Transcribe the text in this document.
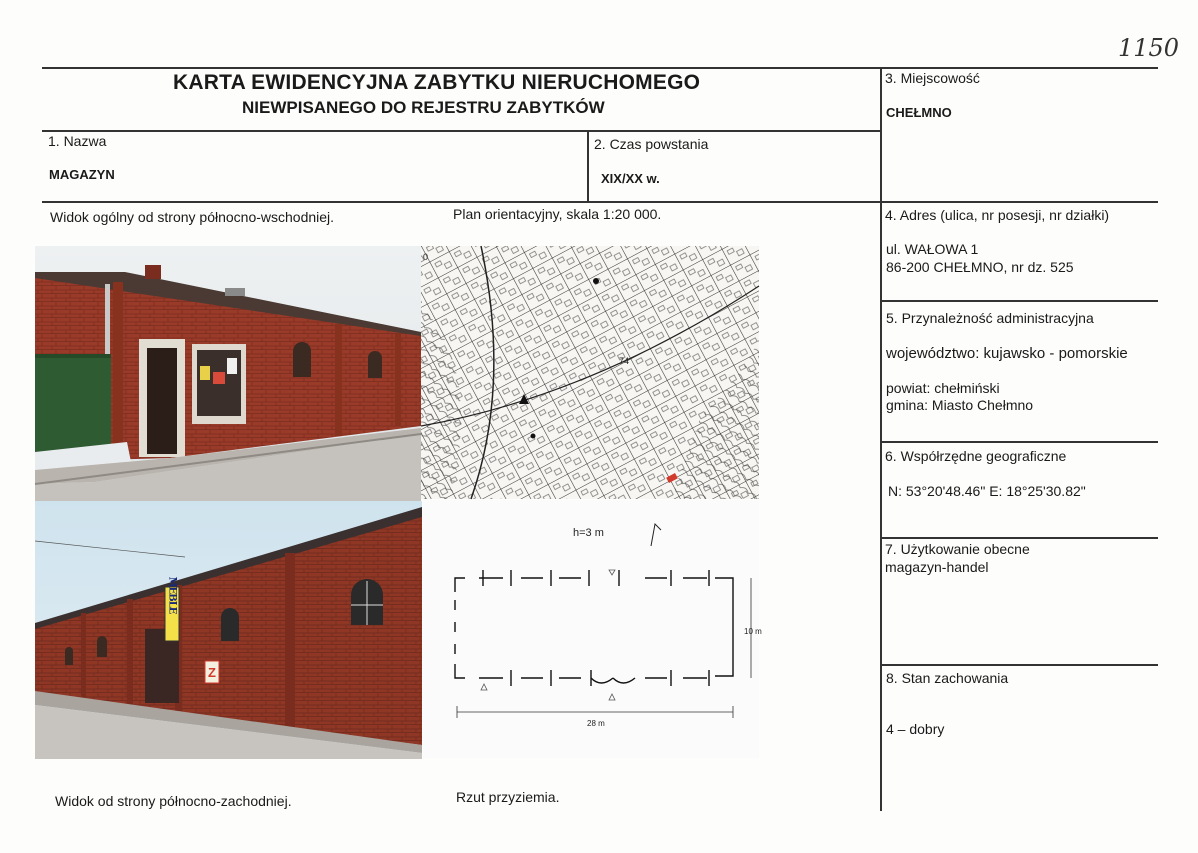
1150
KARTA EWIDENCYJNA ZABYTKU NIERUCHOMEGO
NIEWPISANEGO DO REJESTRU ZABYTKÓW
1. Nazwa
MAGAZYN
2. Czas powstania
XIX/XX w.
3. Miejscowość
CHEŁMNO
4. Adres (ulica, nr posesji, nr działki)
ul. WAŁOWA 1
86-200 CHEŁMNO, nr dz. 525
5. Przynależność administracyjna
województwo: kujawsko - pomorskie
powiat: chełmiński
gmina: Miasto Chełmno
6. Współrzędne geograficzne
N: 53°20'48.46" E: 18°25'30.82"
7. Użytkowanie obecne
magazyn-handel
8. Stan zachowania
4 – dobry
Widok ogólny od strony północno-wschodniej.	Plan orientacyjny, skala 1:20 000.
Widok od strony północno-zachodniej.	Rzut przyziemia.
0
74
MEBLE
Z
h=3 m
28 m
10 m
